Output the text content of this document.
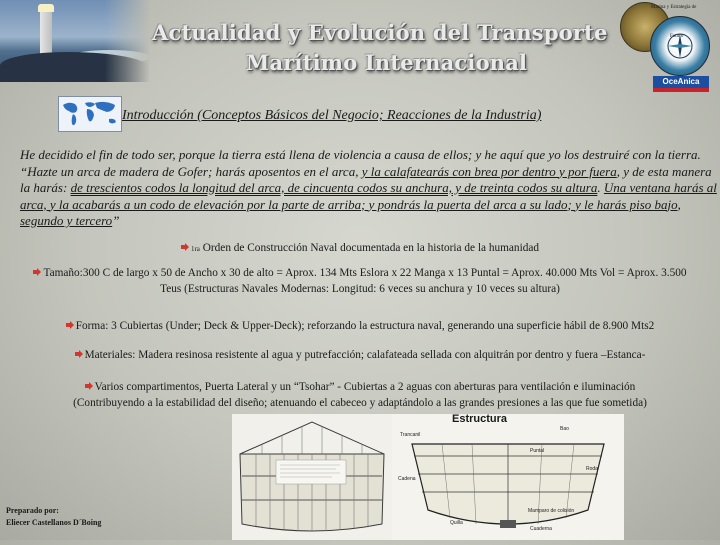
Actualidad y Evolución del Transporte
Marítimo Internacional
Marina y Estrategia de
Futuro
OceAnica
Introducción (Conceptos Básicos del Negocio; Reacciones de la Industria)

He decidido el fin de todo ser, porque la tierra está llena de violencia a causa de ellos; y he aquí que yo los destruiré con la tierra. “Hazte un arca de madera de Gofer; harás aposentos en el arca, y la calafatearás con brea por dentro y por fuera, y de esta manera la harás: de trescientos codos la longitud del arca, de cincuenta codos su anchura, y de treinta codos su altura. Una ventana harás al arca, y la acabarás a un codo de elevación por la parte de arriba; y pondrás la puerta del arca a su lado; y le harás piso bajo, segundo y tercero”

1ra Orden de Construcción Naval documentada en la historia de la humanidad
Tamaño:300 C de largo x 50 de Ancho x 30 de alto = Aprox. 134 Mts Eslora x 22 Manga x 13 Puntal = Aprox. 40.000 Mts Vol = Aprox. 3.500
Teus (Estructuras Navales Modernas: Longitud: 6 veces su anchura y 10 veces su altura)
Forma: 3 Cubiertas (Under; Deck & Upper-Deck); reforzando la estructura naval, generando una superficie hábil de 8.900 Mts2
Materiales: Madera resinosa resistente al agua y putrefacción; calafateada sellada con alquitrán por dentro y fuera –Estanca-
Varios compartimentos, Puerta Lateral y un “Tsohar” - Cubiertas a 2 aguas con aberturas para ventilación e iluminación
(Contribuyendo a la estabilidad del diseño; atenuando el cabeceo y adaptándolo a las grandes presiones a las que fue sometida)
Estructura
Trancanil
Bao
Puntal
Roda
Quilla
Cuaderna
Mamparo de colisión
Cadena
Preparado por:
Eliecer Castellanos D´Boing
